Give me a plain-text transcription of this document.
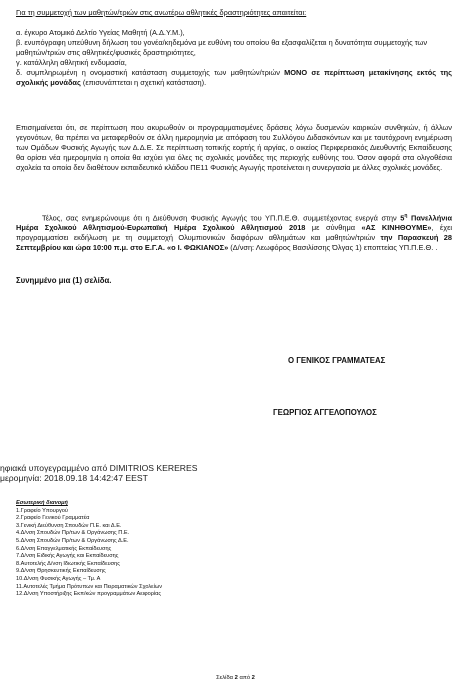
Για τη συμμετοχή των μαθητών/τριών στις ανωτέρω αθλητικές δραστηριότητες απαιτείται:

α. έγκυρο Ατομικό Δελτίο Υγείας Μαθητή (Α.Δ.Υ.Μ.),

β. ενυπόγραφη υπεύθυνη δήλωση του γονέα/κηδεμόνα με ευθύνη του οποίου θα εξασφαλίζεται η δυνατότητα συμμετοχής των μαθητών/τριών στις αθλητικές/φυσικές δραστηριότητες,

γ. κατάλληλη αθλητική ενδυμασία,

δ. συμπληρωμένη η ονομαστική κατάσταση συμμετοχής των μαθητών/τριών ΜΟΝΟ σε περίπτωση μετακίνησης εκτός της σχολικής μονάδας (επισυνάπτεται η σχετική κατάσταση).

Επισημαίνεται ότι, σε περίπτωση που ακυρωθούν οι προγραμματισμένες δράσεις λόγω δυσμενών καιρικών συνθηκών, ή άλλων γεγονότων, θα πρέπει να μεταφερθούν σε άλλη ημερομηνία με απόφαση του Συλλόγου Διδασκόντων και με ταυτόχρονη ενημέρωση των Ομάδων Φυσικής Αγωγής των Δ.Δ.Ε. Σε περίπτωση τοπικής εορτής ή αργίας, ο οικείος Περιφερειακός Διευθυντής Εκπαίδευσης θα ορίσει νέα ημερομηνία η οποία θα ισχύει για όλες τις σχολικές μονάδες της περιοχής ευθύνης του. Όσον αφορά στα ολιγοθέσια σχολεία τα οποία δεν διαθέτουν εκπαιδευτικό κλάδου ΠΕ11 Φυσικής Αγωγής προτείνεται η συνεργασία με άλλες σχολικές μονάδες.

Τέλος, σας ενημερώνουμε ότι η Διεύθυνση Φυσικής Αγωγής του ΥΠ.Π.Ε.Θ. συμμετέχοντας ενεργά στην $5^\eta$ Πανελλήνια Ημέρα Σχολικού Αθλητισμού-Ευρωπαϊκή Ημέρα Σχολικού Αθλητισμού 2018 με σύνθημα «ΑΣ ΚΙΝΗΘΟΥΜΕ», έχει προγραμματίσει εκδήλωση με τη συμμετοχή Ολυμπιονικών διαφόρων αθλημάτων και μαθητών/τριών την Παρασκευή 28 Σεπτεμβρίου και ώρα 10:00 π.μ. στο Ε.Γ.Α. «ο Ι. ΦΩΚΙΑΝΟΣ» (Δ/νση: Λεωφόρος Βασιλίσσης Όλγας 1) εποπτείας ΥΠ.Π.Ε.Θ. .

Συνημμένο μια (1) σελίδα.

Ο ΓΕΝΙΚΟΣ ΓΡΑΜΜΑΤΕΑΣ
ΓΕΩΡΓΙΟΣ ΑΓΓΕΛΟΠΟΥΛΟΣ
ηφιακά υπογεγραμμένο από DIMITRIOS KERERES
μερομηνία: 2018.09.18 14:42:47 EEST
Εσωτερική διανομή
1.Γραφείο Υπουργού
2.Γραφείο Γενικού Γραμματέα
3.Γενική Διεύθυνση Σπουδών Π.Ε. και Δ.Ε.
4.Δ/νση Σπουδών Πρ/των & Οργάνωσης Π.Ε.
5.Δ/νση Σπουδών Πρ/των & Οργάνωσης Δ.Ε.
6.Δ/νση Επαγγελματικής Εκπαίδευσης
7.Δ/νση Ειδικής Αγωγής και Εκπαίδευσης
8.Αυτοτελής Δ/νση Ιδιωτικής Εκπαίδευσης
9.Δ/νση Θρησκευτικής Εκπαίδευσης
10.Δ/νση Φυσικής Αγωγής – Τμ. Α
11.Αυτοτελές Τμήμα Πρότυπων και Πειραματικών Σχολείων
12.Δ/νση Υποστήριξης Εκπ/κών προγραμμάτων Αειφορίας
Σελίδα 2 από 2
